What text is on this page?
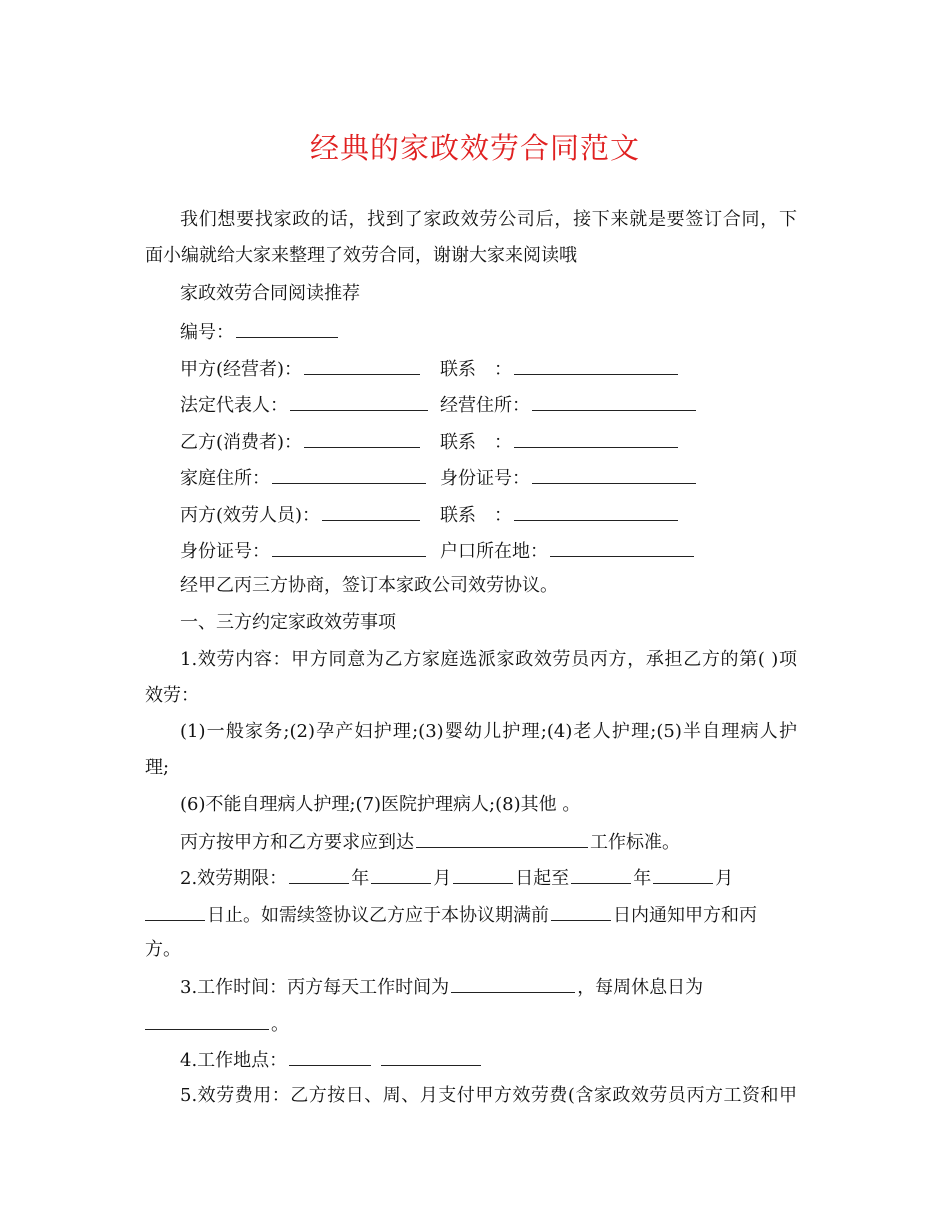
经典的家政效劳合同范文
我们想要找家政的话，找到了家政效劳公司后，接下来就是要签订合同，下
面小编就给大家来整理了效劳合同，谢谢大家来阅读哦
家政效劳合同阅读推荐
编号：
甲方(经营者)：	联系　：
法定代表人：	经营住所：
乙方(消费者)：	联系　：
家庭住所：	身份证号：
丙方(效劳人员)：	联系　：
身份证号：	户口所在地：
经甲乙丙三方协商，签订本家政公司效劳协议。
一、三方约定家政效劳事项
1.效劳内容：甲方同意为乙方家庭选派家政效劳员丙方，承担乙方的第( )项
效劳：
(1)一般家务;(2)孕产妇护理;(3)婴幼儿护理;(4)老人护理;(5)半自理病人护
理;
(6)不能自理病人护理;(7)医院护理病人;(8)其他 。
丙方按甲方和乙方要求应到达	工作标准。
2.效劳期限：	年	月	日起至	年	月
日止。如需续签协议乙方应于本协议期满前	日内通知甲方和丙
方。
3.工作时间：丙方每天工作时间为	，每周休息日为
。
4.工作地点：
5.效劳费用：乙方按日、周、月支付甲方效劳费(含家政效劳员丙方工资和甲
